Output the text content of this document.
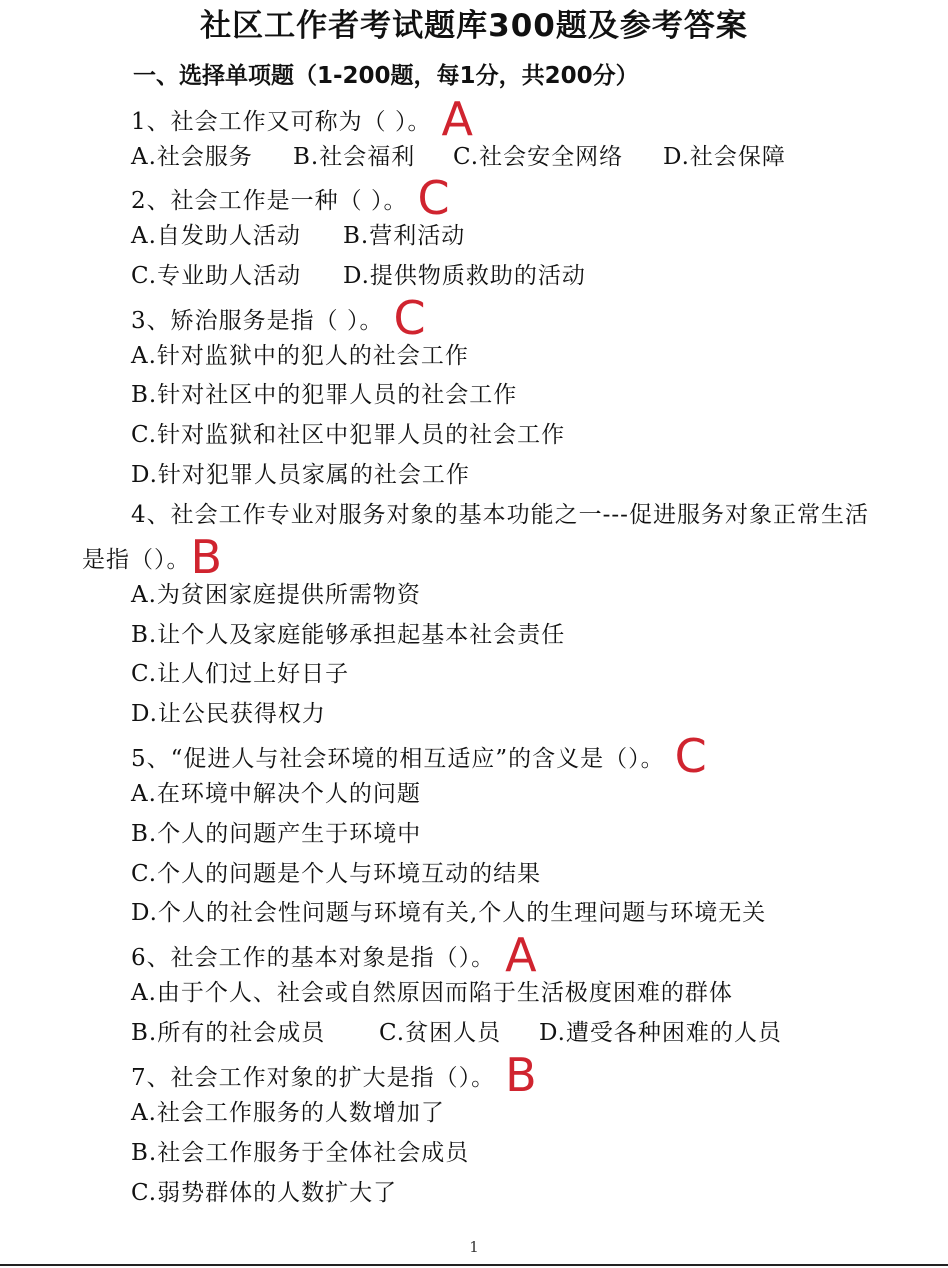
社区工作者考试题库300题及参考答案
一、选择单项题（1-200题，每1分，共200分）
1、社会工作又可称为（ ）。 A
A.社会服务 B.社会福利 C.社会安全网络 D.社会保障
2、社会工作是一种（ ）。 C
A.自发助人活动 B.营利活动
C.专业助人活动 D.提供物质救助的活动
3、矫治服务是指（ ）。 C
A.针对监狱中的犯人的社会工作
B.针对社区中的犯罪人员的社会工作
C.针对监狱和社区中犯罪人员的社会工作
D.针对犯罪人员家属的社会工作
4、社会工作专业对服务对象的基本功能之一---促进服务对象正常生活
是指（）。B
A.为贫困家庭提供所需物资
B.让个人及家庭能够承担起基本社会责任
C.让人们过上好日子
D.让公民获得权力
5、“促进人与社会环境的相互适应”的含义是（）。 C
A.在环境中解决个人的问题
B.个人的问题产生于环境中
C.个人的问题是个人与环境互动的结果
D.个人的社会性问题与环境有关,个人的生理问题与环境无关
6、社会工作的基本对象是指（）。 A
A.由于个人、社会或自然原因而陷于生活极度困难的群体
B.所有的社会成员 C.贫困人员 D.遭受各种困难的人员
7、社会工作对象的扩大是指（）。 B
A.社会工作服务的人数增加了
B.社会工作服务于全体社会成员
C.弱势群体的人数扩大了
1
